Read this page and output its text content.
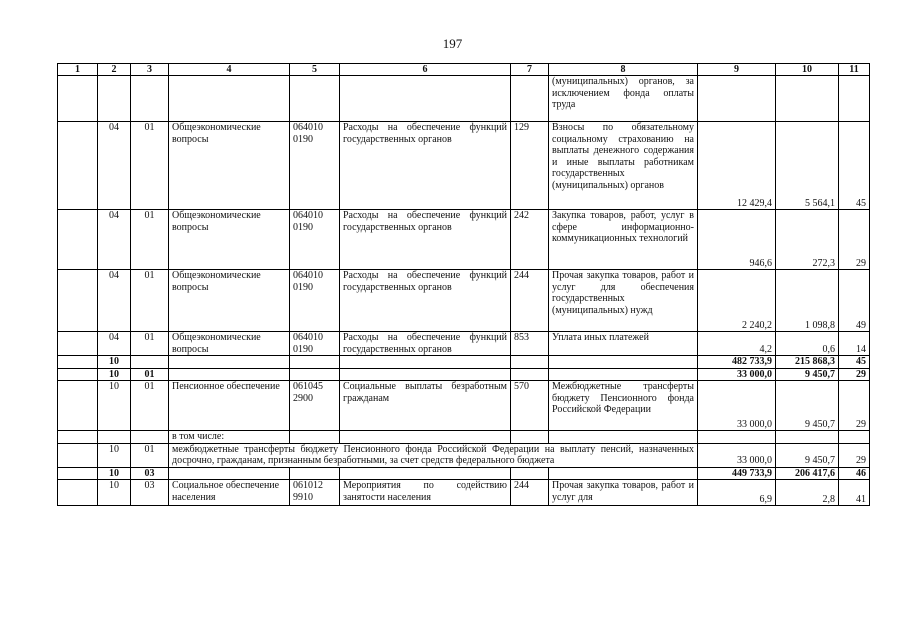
197
1	2	3	4	5	6	7	8	9	10	11
							(муниципальных) органов, за исключением фонда оплаты труда			
	04	01	Общеэкономические вопросы	064010 0190	Расходы на обеспечение функций государственных органов	129	Взносы по обязательному социальному страхованию на выплаты денежного содержания и иные выплаты работникам государственных (муниципальных) органов	12 429,4	5 564,1	45
	04	01	Общеэкономические вопросы	064010 0190	Расходы на обеспечение функций государственных органов	242	Закупка товаров, работ, услуг в сфере информационно-коммуникационных технологий	946,6	272,3	29
	04	01	Общеэкономические вопросы	064010 0190	Расходы на обеспечение функций государственных органов	244	Прочая закупка товаров, работ и услуг для обеспечения государственных (муниципальных) нужд	2 240,2	1 098,8	49
	04	01	Общеэкономические вопросы	064010 0190	Расходы на обеспечение функций государственных органов	853	Уплата иных платежей	4,2	0,6	14
	10							482 733,9	215 868,3	45
	10	01						33 000,0	9 450,7	29
	10	01	Пенсионное обеспечение	061045 2900	Социальные выплаты безработным гражданам	570	Межбюджетные трансферты бюджету Пенсионного фонда Российской Федерации	33 000,0	9 450,7	29
			в том числе:							
	10	01	межбюджетные трансферты бюджету Пенсионного фонда Российской Федерации на выплату пенсий, назначенных досрочно, гражданам, признанным безработными, за счет средств федерального бюджета					33 000,0	9 450,7	29
	10	03						449 733,9	206 417,6	46
	10	03	Социальное обеспечение населения	061012 9910	Мероприятия по содействию занятости населения	244	Прочая закупка товаров, работ и услуг для	6,9	2,8	41
